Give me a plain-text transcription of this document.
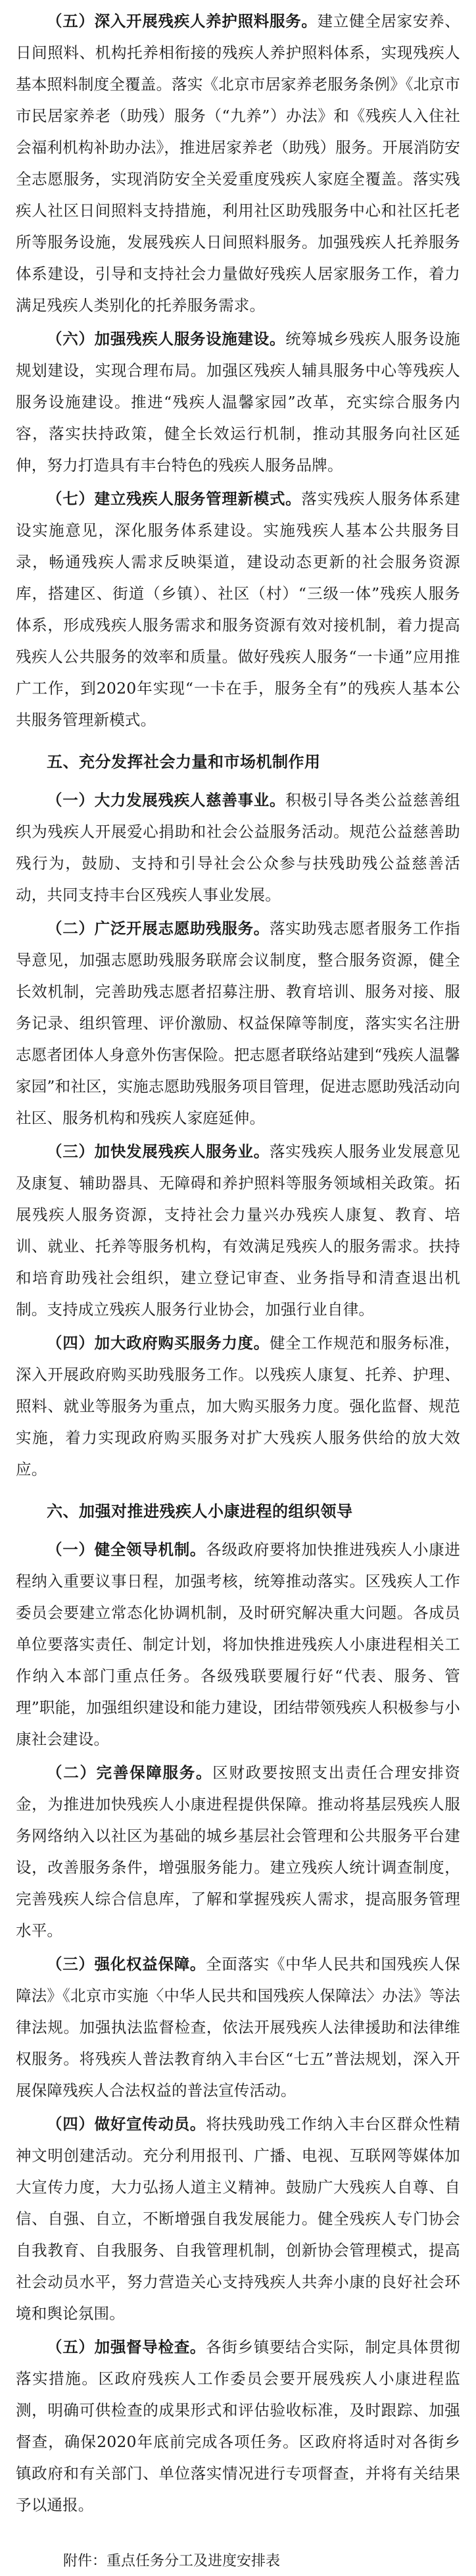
（五）深入开展残疾人养护照料服务。建立健全居家安养、日间照料、机构托养相衔接的残疾人养护照料体系，实现残疾人基本照料制度全覆盖。落实《北京市居家养老服务条例》《北京市市民居家养老（助残）服务（“九养”）办法》和《残疾人入住社会福利机构补助办法》，推进居家养老（助残）服务。开展消防安全志愿服务，实现消防安全关爱重度残疾人家庭全覆盖。落实残疾人社区日间照料支持措施，利用社区助残服务中心和社区托老所等服务设施，发展残疾人日间照料服务。加强残疾人托养服务体系建设，引导和支持社会力量做好残疾人居家服务工作，着力满足残疾人类别化的托养服务需求。

（六）加强残疾人服务设施建设。统筹城乡残疾人服务设施规划建设，实现合理布局。加强区残疾人辅具服务中心等残疾人服务设施建设。推进“残疾人温馨家园”改革，充实综合服务内容，落实扶持政策，健全长效运行机制，推动其服务向社区延伸，努力打造具有丰台特色的残疾人服务品牌。

（七）建立残疾人服务管理新模式。落实残疾人服务体系建设实施意见，深化服务体系建设。实施残疾人基本公共服务目录，畅通残疾人需求反映渠道，建设动态更新的社会服务资源库，搭建区、街道（乡镇）、社区（村）“三级一体”残疾人服务体系，形成残疾人服务需求和服务资源有效对接机制，着力提高残疾人公共服务的效率和质量。做好残疾人服务“一卡通”应用推广工作，到2020年实现“一卡在手，服务全有”的残疾人基本公共服务管理新模式。

五、充分发挥社会力量和市场机制作用

（一）大力发展残疾人慈善事业。积极引导各类公益慈善组织为残疾人开展爱心捐助和社会公益服务活动。规范公益慈善助残行为，鼓励、支持和引导社会公众参与扶残助残公益慈善活动，共同支持丰台区残疾人事业发展。

（二）广泛开展志愿助残服务。落实助残志愿者服务工作指导意见，加强志愿助残服务联席会议制度，整合服务资源，健全长效机制，完善助残志愿者招募注册、教育培训、服务对接、服务记录、组织管理、评价激励、权益保障等制度，落实实名注册志愿者团体人身意外伤害保险。把志愿者联络站建到“残疾人温馨家园”和社区，实施志愿助残服务项目管理，促进志愿助残活动向社区、服务机构和残疾人家庭延伸。

（三）加快发展残疾人服务业。落实残疾人服务业发展意见及康复、辅助器具、无障碍和养护照料等服务领域相关政策。拓展残疾人服务资源，支持社会力量兴办残疾人康复、教育、培训、就业、托养等服务机构，有效满足残疾人的服务需求。扶持和培育助残社会组织，建立登记审查、业务指导和清查退出机制。支持成立残疾人服务行业协会，加强行业自律。

（四）加大政府购买服务力度。健全工作规范和服务标准，深入开展政府购买助残服务工作。以残疾人康复、托养、护理、照料、就业等服务为重点，加大购买服务力度。强化监督、规范实施，着力实现政府购买服务对扩大残疾人服务供给的放大效应。

六、加强对推进残疾人小康进程的组织领导

（一）健全领导机制。各级政府要将加快推进残疾人小康进程纳入重要议事日程，加强考核，统筹推动落实。区残疾人工作委员会要建立常态化协调机制，及时研究解决重大问题。各成员单位要落实责任、制定计划，将加快推进残疾人小康进程相关工作纳入本部门重点任务。各级残联要履行好“代表、服务、管理”职能，加强组织建设和能力建设，团结带领残疾人积极参与小康社会建设。

（二）完善保障服务。区财政要按照支出责任合理安排资金，为推进加快残疾人小康进程提供保障。推动将基层残疾人服务网络纳入以社区为基础的城乡基层社会管理和公共服务平台建设，改善服务条件，增强服务能力。建立残疾人统计调查制度，完善残疾人综合信息库，了解和掌握残疾人需求，提高服务管理水平。

（三）强化权益保障。全面落实《中华人民共和国残疾人保障法》《北京市实施〈中华人民共和国残疾人保障法〉办法》等法律法规。加强执法监督检查，依法开展残疾人法律援助和法律维权服务。将残疾人普法教育纳入丰台区“七五”普法规划，深入开展保障残疾人合法权益的普法宣传活动。

（四）做好宣传动员。将扶残助残工作纳入丰台区群众性精神文明创建活动。充分利用报刊、广播、电视、互联网等媒体加大宣传力度，大力弘扬人道主义精神。鼓励广大残疾人自尊、自信、自强、自立，不断增强自我发展能力。健全残疾人专门协会自我教育、自我服务、自我管理机制，创新协会管理模式，提高社会动员水平，努力营造关心支持残疾人共奔小康的良好社会环境和舆论氛围。

（五）加强督导检查。各街乡镇要结合实际，制定具体贯彻落实措施。区政府残疾人工作委员会要开展残疾人小康进程监测，明确可供检查的成果形式和评估验收标准，及时跟踪、加强督查，确保2020年底前完成各项任务。区政府将适时对各街乡镇政府和有关部门、单位落实情况进行专项督查，并将有关结果予以通报。

附件：重点任务分工及进度安排表
